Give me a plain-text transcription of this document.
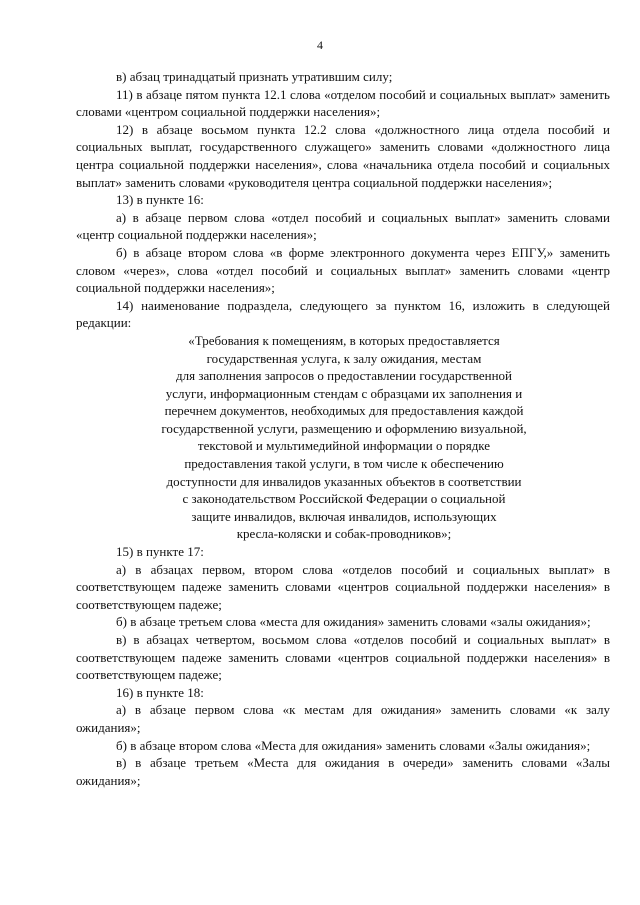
4

в) абзац тринадцатый признать утратившим силу;

11) в абзаце пятом пункта 12.1 слова «отделом пособий и социальных выплат» заменить словами «центром социальной поддержки населения»;

12) в абзаце восьмом пункта 12.2 слова «должностного лица отдела пособий и социальных выплат, государственного служащего» заменить словами «должностного лица центра социальной поддержки населения», слова «начальника отдела пособий и социальных выплат» заменить словами «руководителя центра социальной поддержки населения»;

13) в пункте 16:

а) в абзаце первом слова «отдел пособий и социальных выплат» заменить словами «центр социальной поддержки населения»;

б) в абзаце втором слова «в форме электронного документа через ЕПГУ,» заменить словом «через», слова «отдел пособий и социальных выплат» заменить словами «центр социальной поддержки населения»;

14) наименование подраздела, следующего за пунктом 16, изложить в следующей редакции:

«Требования к помещениям, в которых предоставляется
государственная услуга, к залу ожидания, местам
для заполнения запросов о предоставлении государственной
услуги, информационным стендам с образцами их заполнения и
перечнем документов, необходимых для предоставления каждой
государственной услуги, размещению и оформлению визуальной,
текстовой и мультимедийной информации о порядке
предоставления такой услуги, в том числе к обеспечению
доступности для инвалидов указанных объектов в соответствии
с законодательством Российской Федерации о социальной
защите инвалидов, включая инвалидов, использующих
кресла-коляски и собак-проводников»;

15) в пункте 17:

а) в абзацах первом, втором слова «отделов пособий и социальных выплат» в соответствующем падеже заменить словами «центров социальной поддержки населения» в соответствующем падеже;

б) в абзаце третьем слова «места для ожидания» заменить словами «залы ожидания»;

в) в абзацах четвертом, восьмом слова «отделов пособий и социальных выплат» в соответствующем падеже заменить словами «центров социальной поддержки населения» в соответствующем падеже;

16) в пункте 18:

а) в абзаце первом слова «к местам для ожидания» заменить словами «к залу ожидания»;

б) в абзаце втором слова «Места для ожидания» заменить словами «Залы ожидания»;

в) в абзаце третьем «Места для ожидания в очереди» заменить словами «Залы ожидания»;
